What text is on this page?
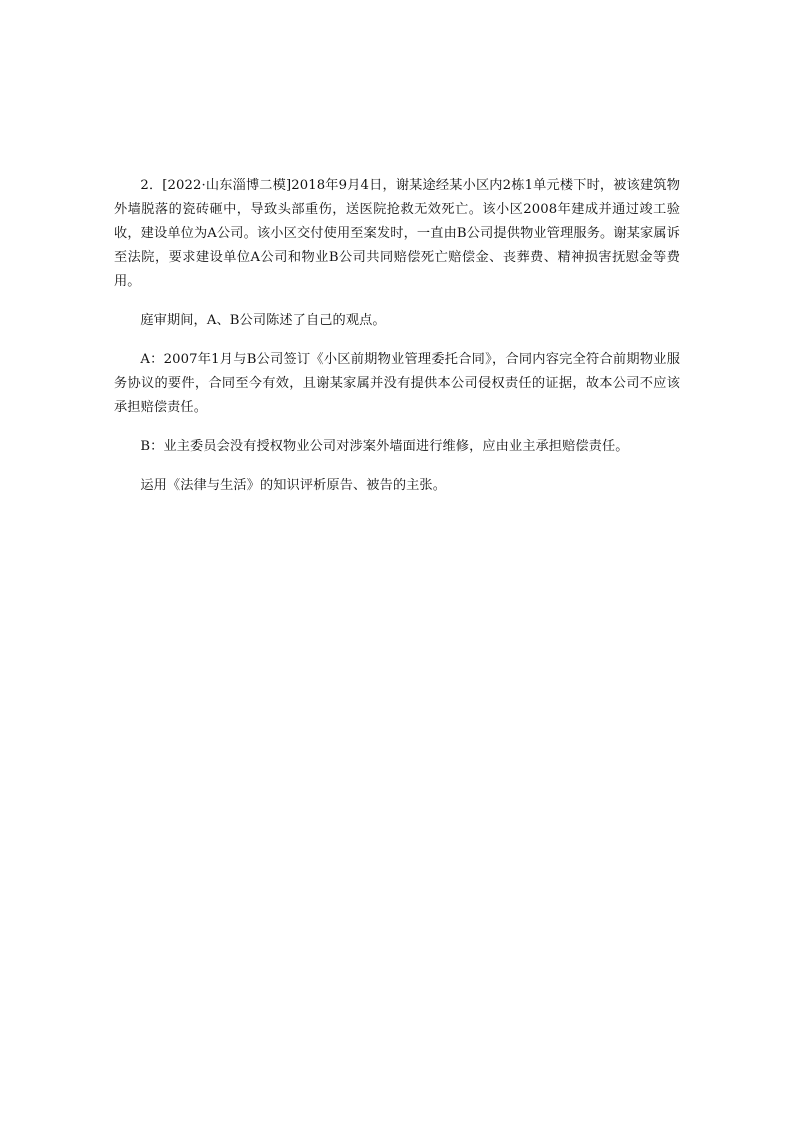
2．[2022·山东淄博二模]2018年9月4日，谢某途经某小区内2栋1单元楼下时，被该建筑物外墙脱落的瓷砖砸中，导致头部重伤，送医院抢救无效死亡。该小区2008年建成并通过竣工验收，建设单位为A公司。该小区交付使用至案发时，一直由B公司提供物业管理服务。谢某家属诉至法院，要求建设单位A公司和物业B公司共同赔偿死亡赔偿金、丧葬费、精神损害抚慰金等费用。

庭审期间，A、B公司陈述了自己的观点。

A：2007年1月与B公司签订《小区前期物业管理委托合同》，合同内容完全符合前期物业服务协议的要件，合同至今有效，且谢某家属并没有提供本公司侵权责任的证据，故本公司不应该承担赔偿责任。

B：业主委员会没有授权物业公司对涉案外墙面进行维修，应由业主承担赔偿责任。

运用《法律与生活》的知识评析原告、被告的主张。
